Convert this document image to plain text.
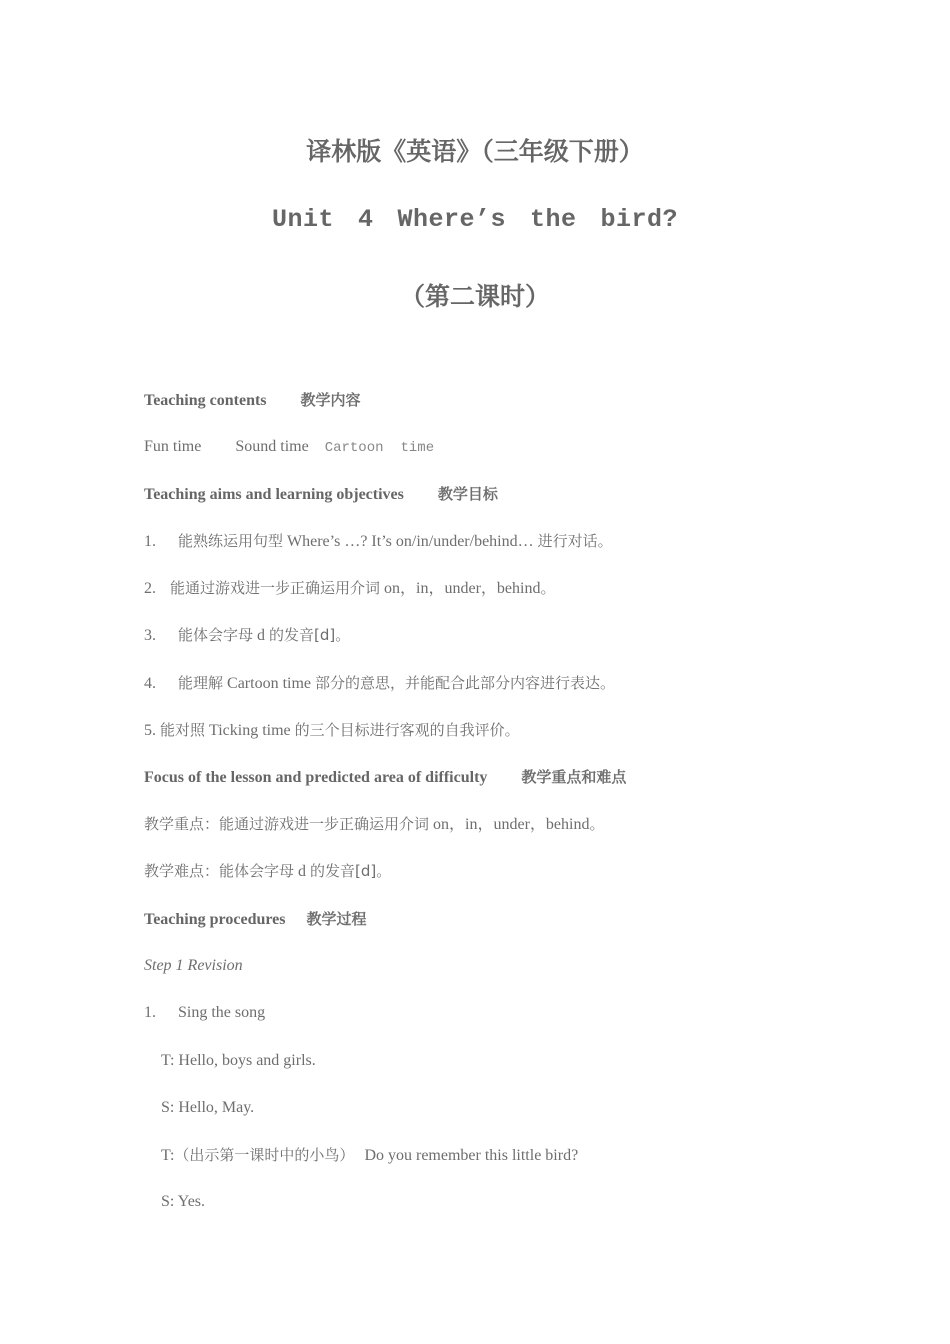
译林版《英语》（三年级下册）
Unit 4 Where’s the bird?
（第二课时）
Teaching contents 教学内容
Fun time Sound time Cartoon time
Teaching aims and learning objectives 教学目标
1. 能熟练运用句型 Where’s …? It’s on/in/under/behind… 进行对话。
2. 能通过游戏进一步正确运用介词 on，in，under，behind。
3. 能体会字母 d 的发音[d]。
4. 能理解 Cartoon time 部分的意思，并能配合此部分内容进行表达。
5. 能对照 Ticking time 的三个目标进行客观的自我评价。
Focus of the lesson and predicted area of difficulty 教学重点和难点
教学重点：能通过游戏进一步正确运用介词 on，in，under，behind。
教学难点：能体会字母 d 的发音[d]。
Teaching procedures 教学过程
Step 1 Revision
1. Sing the song
T: Hello, boys and girls.
S: Hello, May.
T:（出示第一课时中的小鸟） Do you remember this little bird?
S: Yes.
